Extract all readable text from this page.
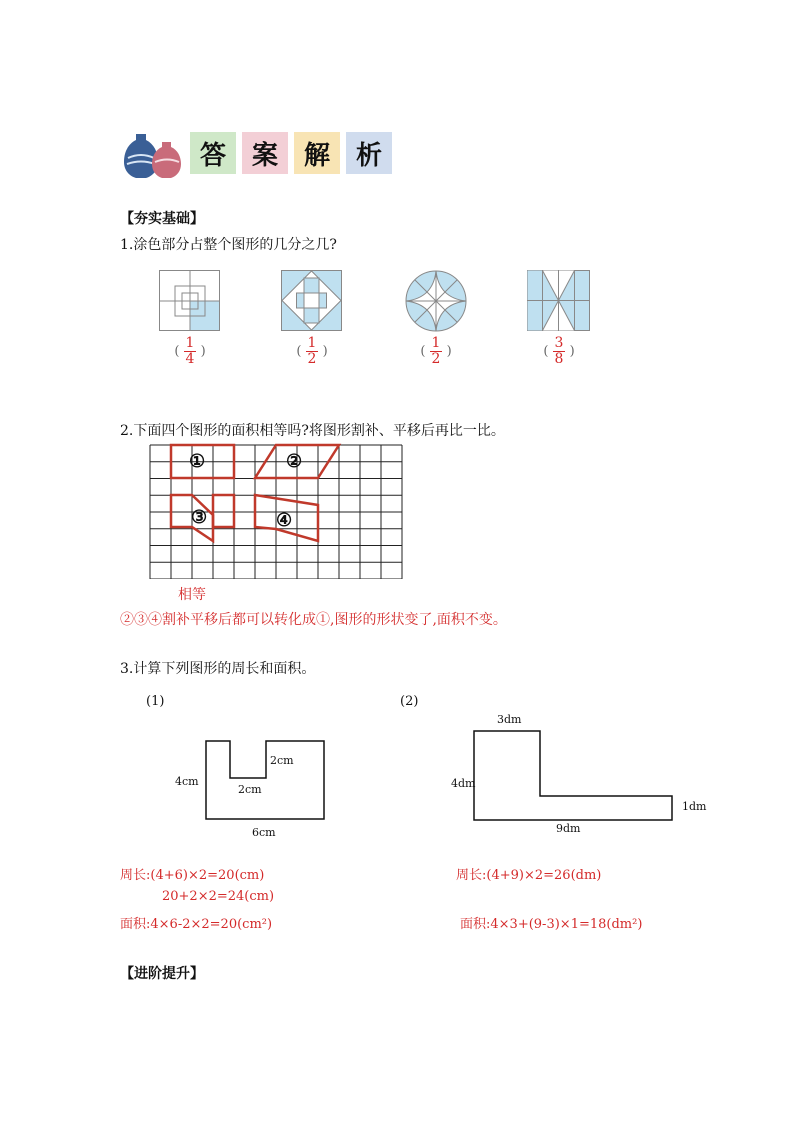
答 案 解 析
【夯实基础】
1.涂色部分占整个图形的几分之几?
( $\frac{1}{4}$ )	( $\frac{1}{2}$ )	( $\frac{1}{2}$ )	( $\frac{3}{8}$ )
2.下面四个图形的面积相等吗?将图形割补、平移后再比一比。
①	②
③	④
相等
②③④割补平移后都可以转化成①,图形的形状变了,面积不变。
3.计算下列图形的周长和面积。
(1)	(2)
4cm
2cm
2cm
6cm
3dm
4dm
1dm
9dm
周长:(4+6)×2=20(cm)
20+2×2=24(cm)
面积:4×6-2×2=20(cm²)
周长:(4+9)×2=26(dm)
面积:4×3+(9-3)×1=18(dm²)
【进阶提升】
